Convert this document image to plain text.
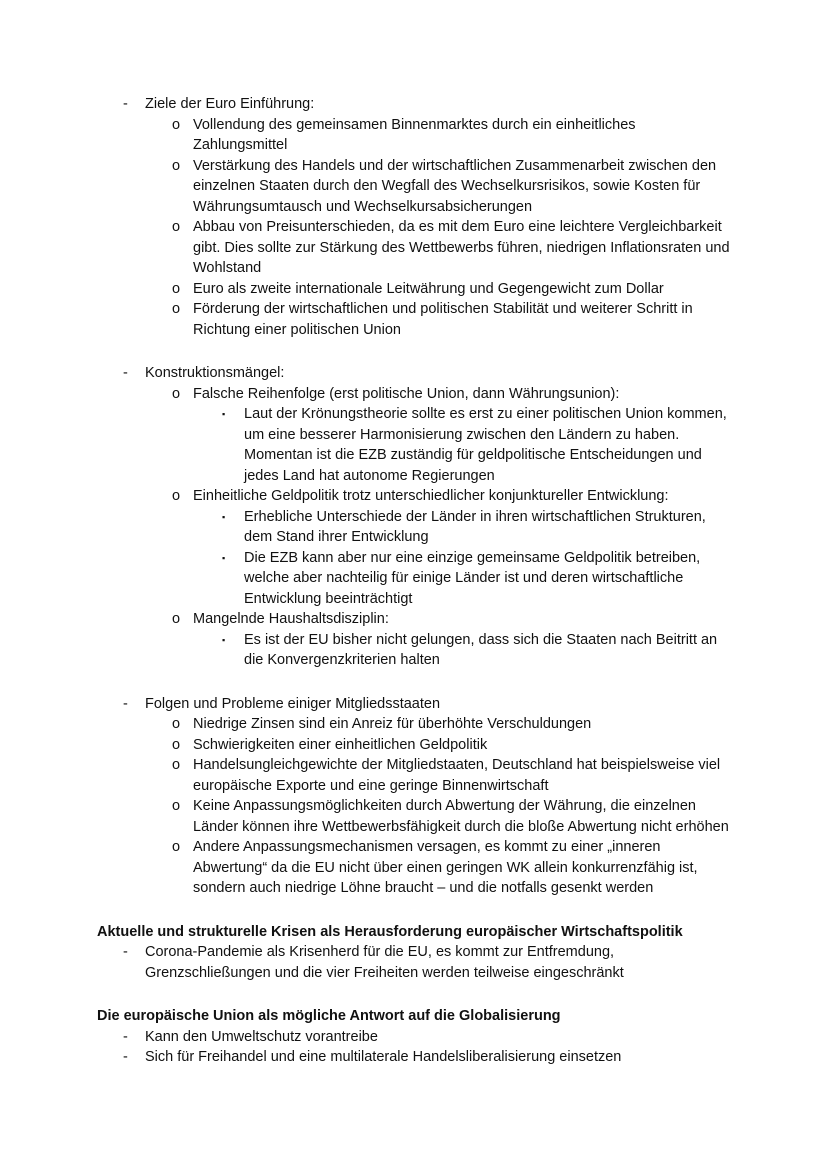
-	Ziele der Euro Einführung:
o Vollendung des gemeinsamen Binnenmarktes durch ein einheitliches Zahlungsmittel
o Verstärkung des Handels und der wirtschaftlichen Zusammenarbeit zwischen den einzelnen Staaten durch den Wegfall des Wechselkursrisikos, sowie Kosten für Währungsumtausch und Wechselkursabsicherungen
o Abbau von Preisunterschieden, da es mit dem Euro eine leichtere Vergleichbarkeit gibt. Dies sollte zur Stärkung des Wettbewerbs führen, niedrigen Inflationsraten und Wohlstand
o Euro als zweite internationale Leitwährung und Gegengewicht zum Dollar
o Förderung der wirtschaftlichen und politischen Stabilität und weiterer Schritt in Richtung einer politischen Union
-	Konstruktionsmängel:
o Falsche Reihenfolge (erst politische Union, dann Währungsunion):
▪	Laut der Krönungstheorie sollte es erst zu einer politischen Union kommen, um eine besserer Harmonisierung zwischen den Ländern zu haben. Momentan ist die EZB zuständig für geldpolitische Entscheidungen und jedes Land hat autonome Regierungen
o Einheitliche Geldpolitik trotz unterschiedlicher konjunktureller Entwicklung:
▪	Erhebliche Unterschiede der Länder in ihren wirtschaftlichen Strukturen, dem Stand ihrer Entwicklung
▪	Die EZB kann aber nur eine einzige gemeinsame Geldpolitik betreiben, welche aber nachteilig für einige Länder ist und deren wirtschaftliche Entwicklung beeinträchtigt
o Mangelnde Haushaltsdisziplin:
▪	Es ist der EU bisher nicht gelungen, dass sich die Staaten nach Beitritt an die Konvergenzkriterien halten
-	Folgen und Probleme einiger Mitgliedsstaaten
o Niedrige Zinsen sind ein Anreiz für überhöhte Verschuldungen
o Schwierigkeiten einer einheitlichen Geldpolitik
o Handelsungleichgewichte der Mitgliedstaaten, Deutschland hat beispielsweise viel europäische Exporte und eine geringe Binnenwirtschaft
o Keine Anpassungsmöglichkeiten durch Abwertung der Währung, die einzelnen Länder können ihre Wettbewerbsfähigkeit durch die bloße Abwertung nicht erhöhen
o Andere Anpassungsmechanismen versagen, es kommt zu einer „inneren Abwertung“ da die EU nicht über einen geringen WK allein konkurrenzfähig ist, sondern auch niedrige Löhne braucht – und die notfalls gesenkt werden
Aktuelle und strukturelle Krisen als Herausforderung europäischer Wirtschaftspolitik
-	Corona-Pandemie als Krisenherd für die EU, es kommt zur Entfremdung, Grenzschließungen und die vier Freiheiten werden teilweise eingeschränkt
Die europäische Union als mögliche Antwort auf die Globalisierung
-	Kann den Umweltschutz vorantreibe
-	Sich für Freihandel und eine multilaterale Handelsliberalisierung einsetzen
